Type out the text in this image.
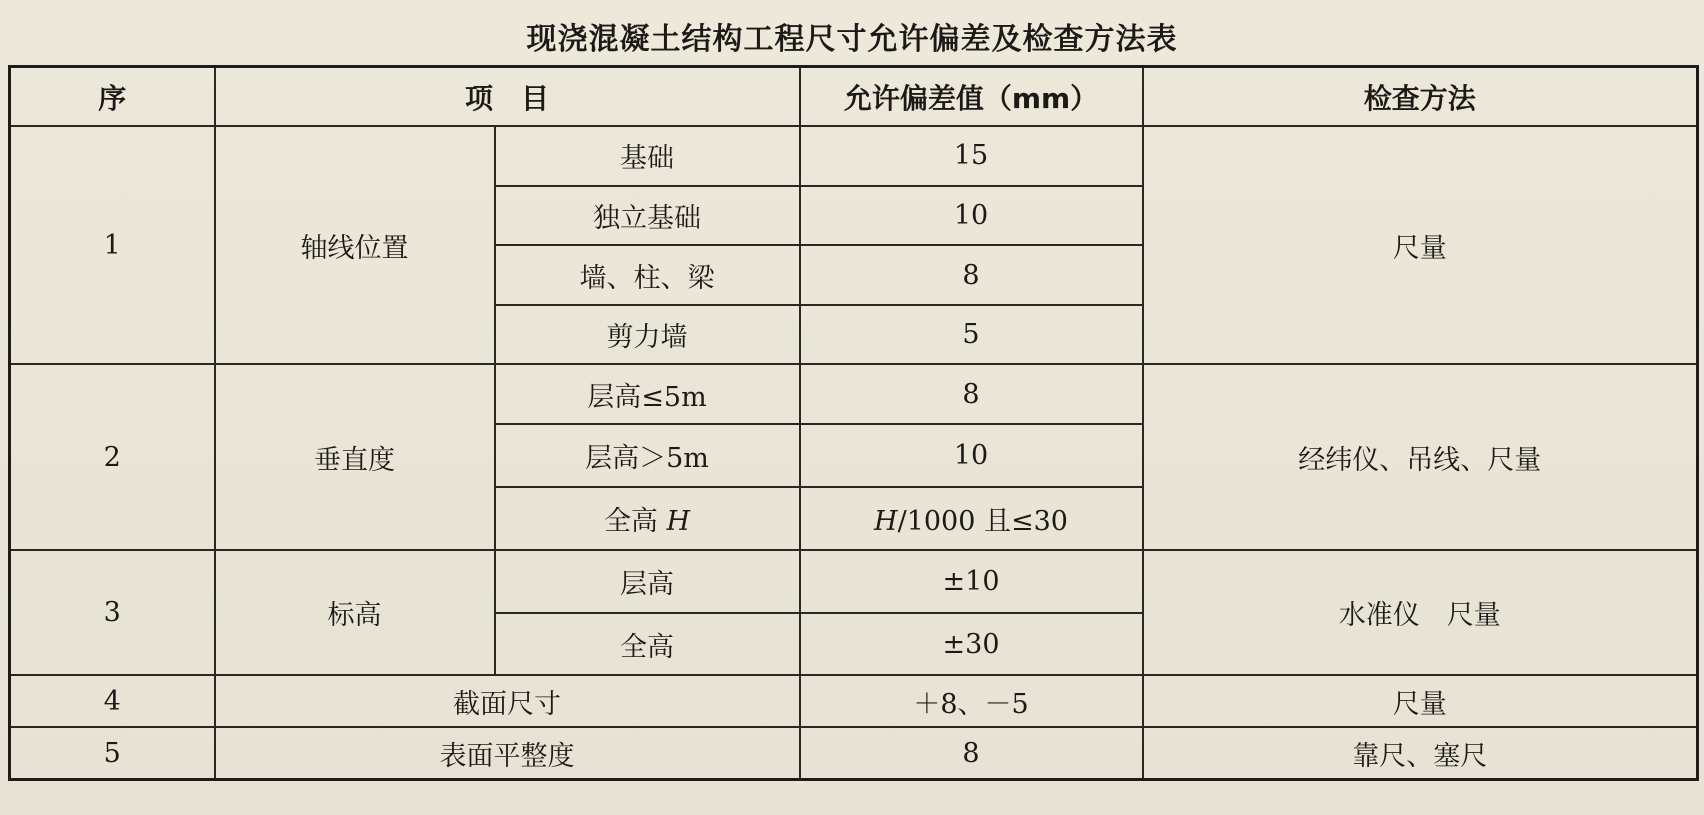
现浇混凝土结构工程尺寸允许偏差及检查方法表
序	项　目		允许偏差值（mm）	检查方法
1	轴线位置	基础	15	尺量
		独立基础	10	
		墙、柱、梁	8	
		剪力墙	5	
2	垂直度	层高≤5m	8	经纬仪、吊线、尺量
		层高＞5m	10	
		全高 H	H/1000 且≤30	
3	标高	层高	±10	水准仪　尺量
		全高	±30	
4	截面尺寸		＋8、－5	尺量
5	表面平整度		8	靠尺、塞尺
